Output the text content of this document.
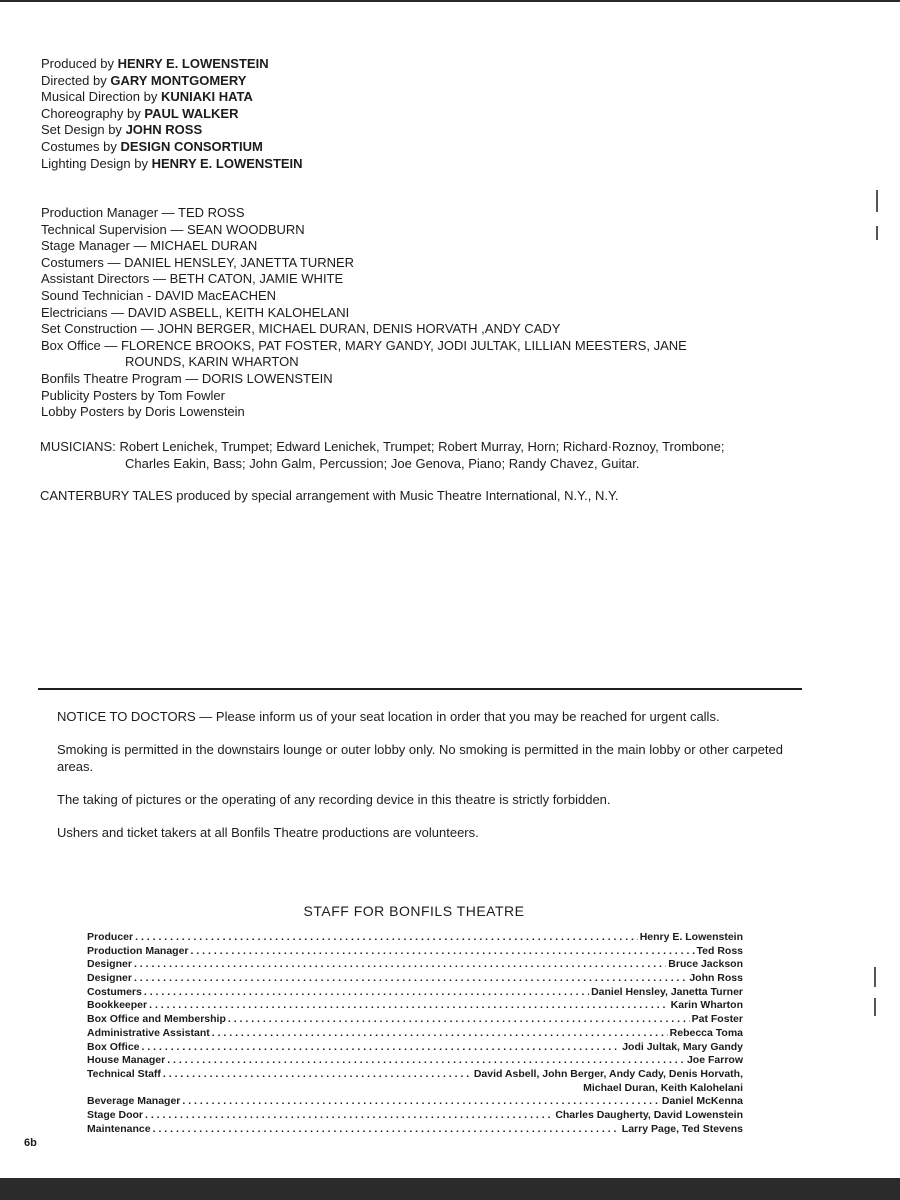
Produced by HENRY E. LOWENSTEIN
Directed by GARY MONTGOMERY
Musical Direction by KUNIAKI HATA
Choreography by PAUL WALKER
Set Design by JOHN ROSS
Costumes by DESIGN CONSORTIUM
Lighting Design by HENRY E. LOWENSTEIN
Production Manager — TED ROSS
Technical Supervision — SEAN WOODBURN
Stage Manager — MICHAEL DURAN
Costumers — DANIEL HENSLEY, JANETTA TURNER
Assistant Directors — BETH CATON, JAMIE WHITE
Sound Technician - DAVID MacEACHEN
Electricians — DAVID ASBELL, KEITH KALOHELANI
Set Construction — JOHN BERGER, MICHAEL DURAN, DENIS HORVATH ,ANDY CADY
Box Office — FLORENCE BROOKS, PAT FOSTER, MARY GANDY, JODI JULTAK, LILLIAN MEESTERS, JANE
ROUNDS, KARIN WHARTON
Bonfils Theatre Program — DORIS LOWENSTEIN
Publicity Posters by Tom Fowler
Lobby Posters by Doris Lowenstein
MUSICIANS: Robert Lenichek, Trumpet; Edward Lenichek, Trumpet; Robert Murray, Horn; Richard·Roznoy, Trombone;
Charles Eakin, Bass; John Galm, Percussion; Joe Genova, Piano; Randy Chavez, Guitar.
CANTERBURY TALES produced by special arrangement with Music Theatre International, N.Y., N.Y.

NOTICE TO DOCTORS — Please inform us of your seat location in order that you may be reached for urgent calls.

Smoking is permitted in the downstairs lounge or outer lobby only. No smoking is permitted in the main lobby or other carpeted areas.

The taking of pictures or the operating of any recording device in this theatre is strictly forbidden.

Ushers and ticket takers at all Bonfils Theatre productions are volunteers.

STAFF FOR BONFILS THEATRE
Producer . . .	Henry E. Lowenstein
Production Manager . . .	Ted Ross
Designer . . .	Bruce Jackson
Designer . . .	John Ross
Costumers . . .	Daniel Hensley, Janetta Turner
Bookkeeper . . .	Karin Wharton
Box Office and Membership . . .	Pat Foster
Administrative Assistant . . .	Rebecca Toma
Box Office . . .	Jodi Jultak, Mary Gandy
House Manager . . .	Joe Farrow
Technical Staff . . .	David Asbell, John Berger, Andy Cady, Denis Horvath,
Michael Duran, Keith Kalohelani
Beverage Manager . . .	Daniel McKenna
Stage Door . . .	Charles Daugherty, David Lowenstein
Maintenance . . .	Larry Page, Ted Stevens
6b
